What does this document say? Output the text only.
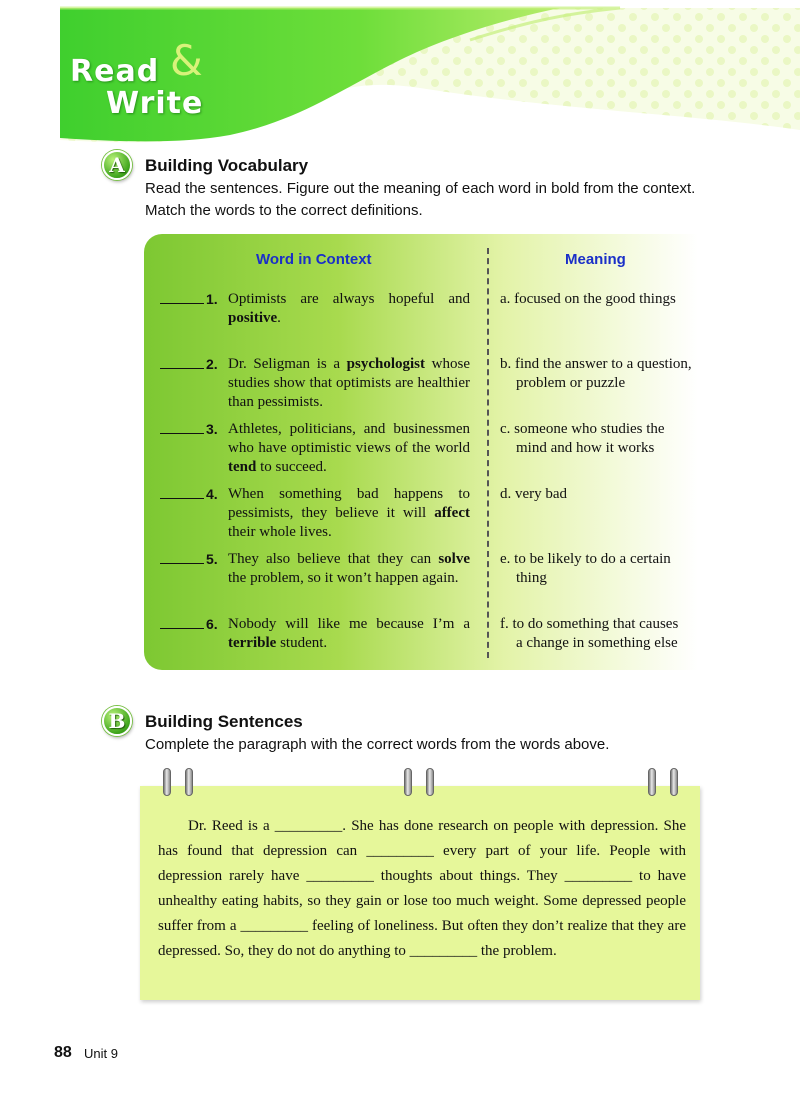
Read &
Write
A	Building Vocabulary
Read the sentences. Figure out the meaning of each word in bold from the context.
Match the words to the correct definitions.
Word in Context	Meaning
1. Optimists are always hopeful and positive.
a. focused on the good things
2. Dr. Seligman is a psychologist whose studies show that optimists are healthier than pessimists.
b. find the answer to a question,
problem or puzzle
3. Athletes, politicians, and businessmen who have optimistic views of the world tend to succeed.
c. someone who studies the
mind and how it works
4. When something bad happens to pessimists, they believe it will affect their whole lives.
d. very bad
5. They also believe that they can solve the problem, so it won’t happen again.
e. to be likely to do a certain
thing
6. Nobody will like me because I’m a terrible student.
f. to do something that causes
a change in something else
B	Building Sentences
Complete the paragraph with the correct words from the words above.
Dr. Reed is a _________. She has done research on people with depression. She has found that depression can _________ every part of your life. People with depression rarely have _________ thoughts about things. They _________ to have unhealthy eating habits, so they gain or lose too much weight. Some depressed people suffer from a _________ feeling of loneliness. But often they don’t realize that they are depressed. So, they do not do anything to _________ the problem.
88 Unit 9
